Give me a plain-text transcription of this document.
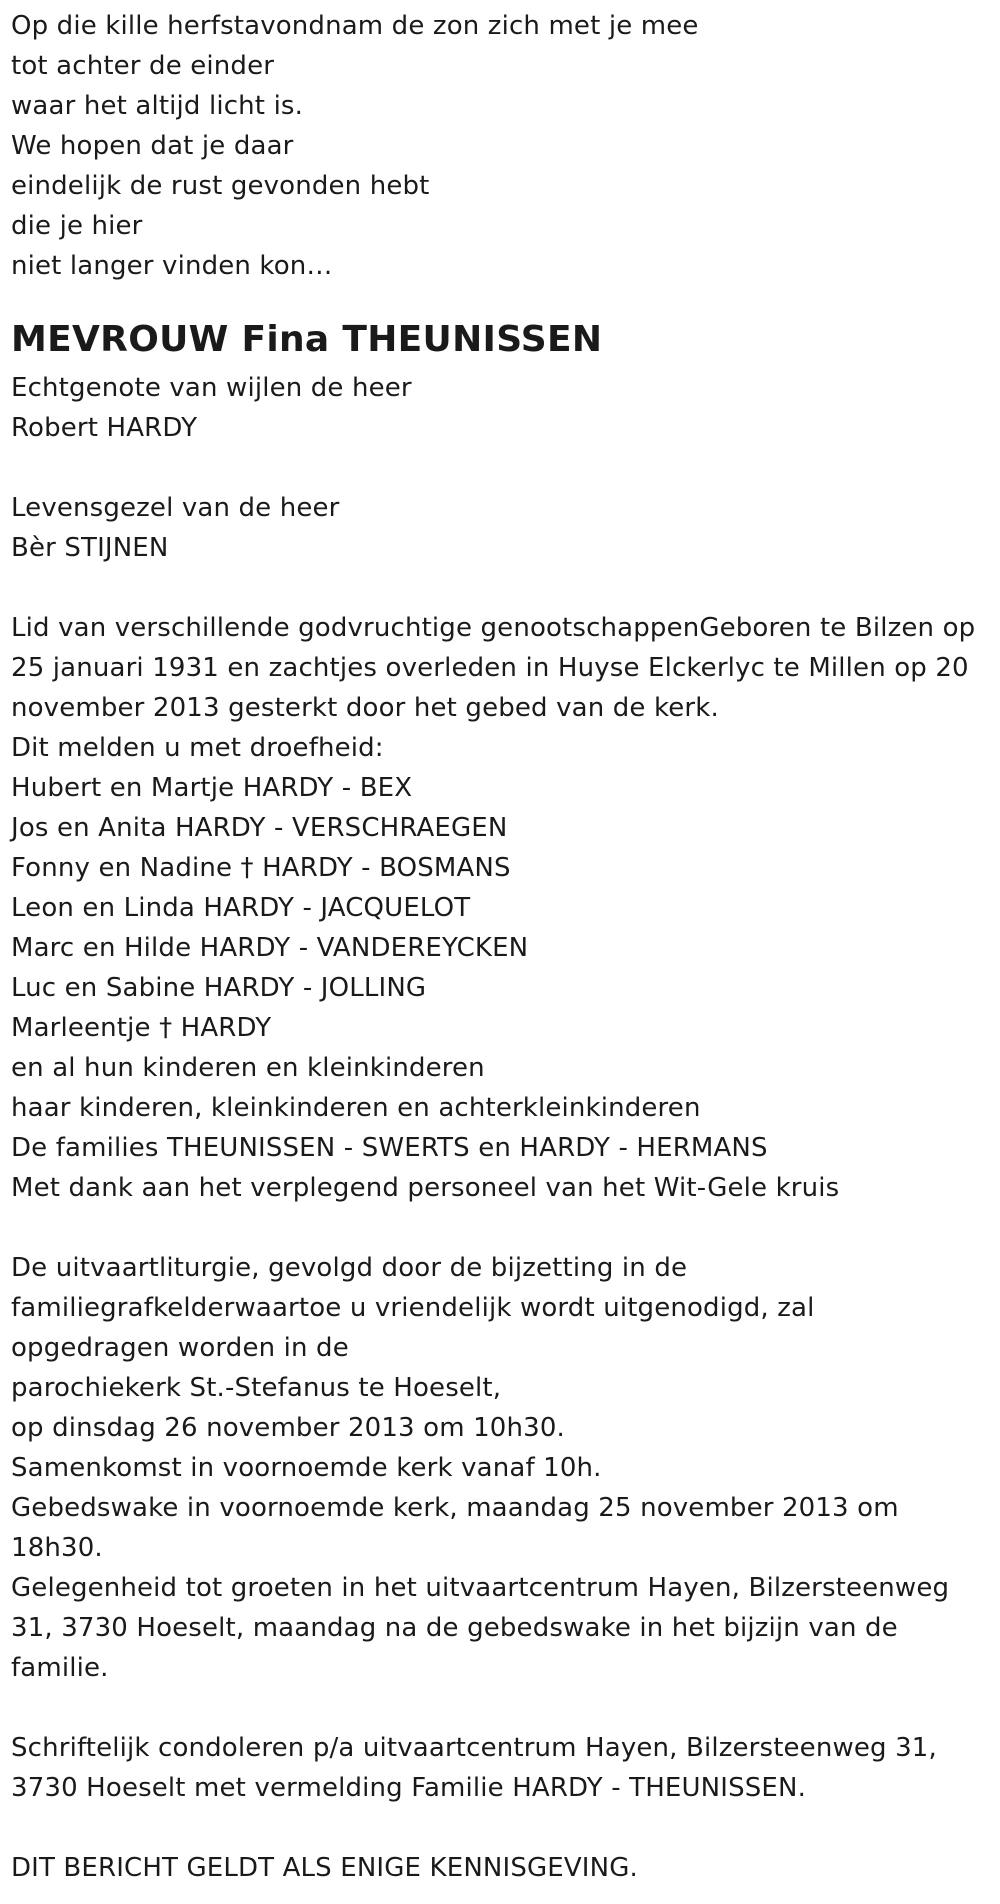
Op die kille herfstavondnam de zon zich met je mee
tot achter de einder
waar het altijd licht is.
We hopen dat je daar
eindelijk de rust gevonden hebt
die je hier
niet langer vinden kon…
MEVROUW Fina THEUNISSEN
Echtgenote van wijlen de heer
Robert HARDY
Levensgezel van de heer
Bèr STIJNEN
Lid van verschillende godvruchtige genootschappenGeboren te Bilzen op
25 januari 1931 en zachtjes overleden in Huyse Elckerlyc te Millen op 20
november 2013 gesterkt door het gebed van de kerk.
Dit melden u met droefheid:
Hubert en Martje HARDY - BEX
Jos en Anita HARDY - VERSCHRAEGEN
Fonny en Nadine † HARDY - BOSMANS
Leon en Linda HARDY - JACQUELOT
Marc en Hilde HARDY - VANDEREYCKEN
Luc en Sabine HARDY - JOLLING
Marleentje † HARDY
en al hun kinderen en kleinkinderen
haar kinderen, kleinkinderen en achterkleinkinderen
De families THEUNISSEN - SWERTS en HARDY - HERMANS
Met dank aan het verplegend personeel van het Wit-Gele kruis
De uitvaartliturgie, gevolgd door de bijzetting in de
familiegrafkelderwaartoe u vriendelijk wordt uitgenodigd, zal
opgedragen worden in de
parochiekerk St.-Stefanus te Hoeselt,
op dinsdag 26 november 2013 om 10h30.
Samenkomst in voornoemde kerk vanaf 10h.
Gebedswake in voornoemde kerk, maandag 25 november 2013 om
18h30.
Gelegenheid tot groeten in het uitvaartcentrum Hayen, Bilzersteenweg
31, 3730 Hoeselt, maandag na de gebedswake in het bijzijn van de
familie.
Schriftelijk condoleren p/a uitvaartcentrum Hayen, Bilzersteenweg 31,
3730 Hoeselt met vermelding Familie HARDY - THEUNISSEN.
DIT BERICHT GELDT ALS ENIGE KENNISGEVING.
